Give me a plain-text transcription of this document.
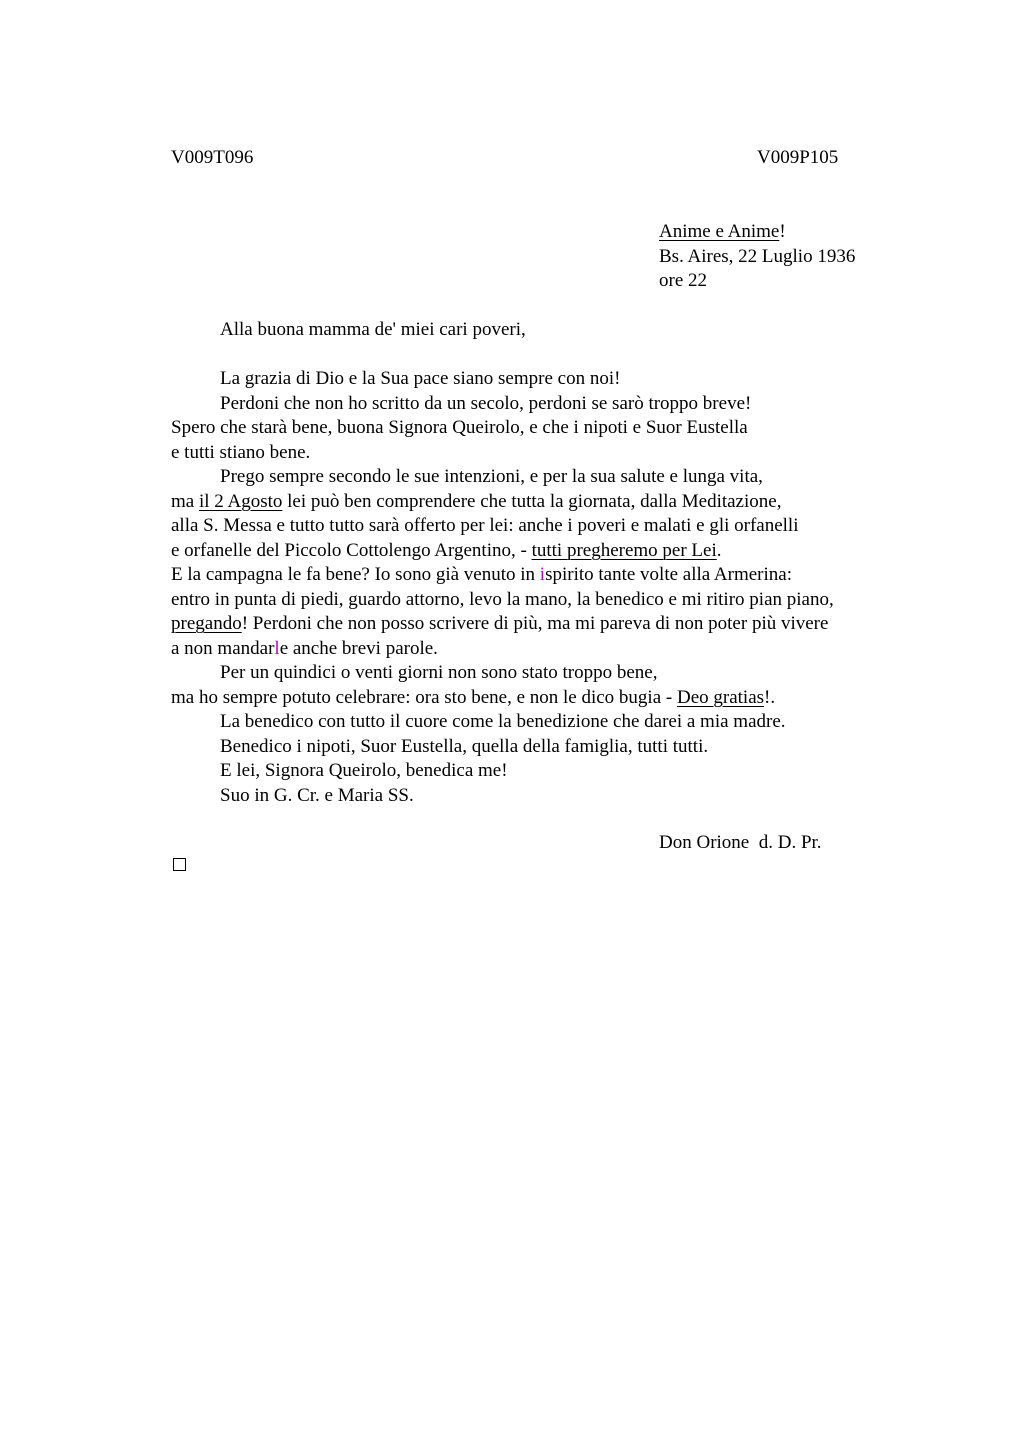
V009T096	V009P105
Anime e Anime!
Bs. Aires, 22 Luglio 1936
ore 22
Alla buona mamma de' miei cari poveri,
La grazia di Dio e la Sua pace siano sempre con noi!
Perdoni che non ho scritto da un secolo, perdoni se sarò troppo breve!
Spero che starà bene, buona Signora Queirolo, e che i nipoti e Suor Eustella
e tutti stiano bene.
Prego sempre secondo le sue intenzioni, e per la sua salute e lunga vita,
ma il 2 Agosto lei può ben comprendere che tutta la giornata, dalla Meditazione,
alla S. Messa e tutto tutto sarà offerto per lei: anche i poveri e malati e gli orfanelli
e orfanelle del Piccolo Cottolengo Argentino, - tutti pregheremo per Lei.
E la campagna le fa bene? Io sono già venuto in ispirito tante volte alla Armerina:
entro in punta di piedi, guardo attorno, levo la mano, la benedico e mi ritiro pian piano,
pregando! Perdoni che non posso scrivere di più, ma mi pareva di non poter più vivere
a non mandarle anche brevi parole.
Per un quindici o venti giorni non sono stato troppo bene,
ma ho sempre potuto celebrare: ora sto bene, e non le dico bugia - Deo gratias!.
La benedico con tutto il cuore come la benedizione che darei a mia madre.
Benedico i nipoti, Suor Eustella, quella della famiglia, tutti tutti.
E lei, Signora Queirolo, benedica me!
Suo in G. Cr. e Maria SS.
Don Orione  d. D. Pr.
